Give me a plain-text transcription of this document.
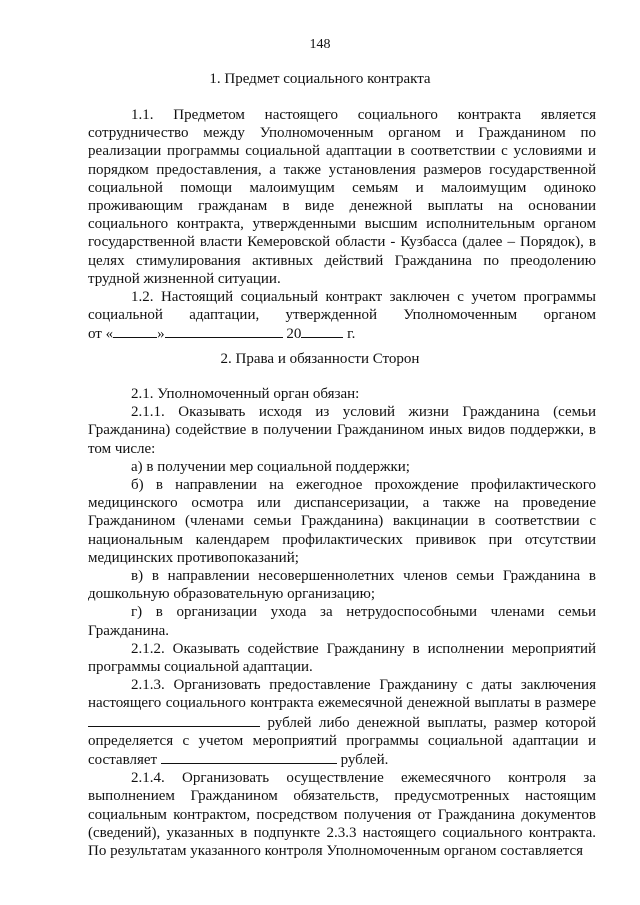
148
1. Предмет социального контракта

1.1. Предметом настоящего социального контракта является сотрудничество между Уполномоченным органом и Гражданином по реализации программы социальной адаптации в соответствии с условиями и порядком предоставления, а также установления размеров государственной социальной помощи малоимущим семьям и малоимущим одиноко проживающим гражданам в виде денежной выплаты на основании социального контракта, утвержденными высшим исполнительным органом государственной власти Кемеровской области - Кузбасса (далее – Порядок), в целях стимулирования активных действий Гражданина по преодолению трудной жизненной ситуации.

1.2. Настоящий социальный контракт заключен с учетом программы социальной адаптации, утвержденной Уполномоченным органом

от «	»	20	г.

2. Права и обязанности Сторон

2.1. Уполномоченный орган обязан:

2.1.1. Оказывать исходя из условий жизни Гражданина (семьи Гражданина) содействие в получении Гражданином иных видов поддержки, в том числе:

а) в получении мер социальной поддержки;

б) в направлении на ежегодное прохождение профилактического медицинского осмотра или диспансеризации, а также на проведение Гражданином (членами семьи Гражданина) вакцинации в соответствии с национальным календарем профилактических прививок при отсутствии медицинских противопоказаний;

в) в направлении несовершеннолетних членов семьи Гражданина в дошкольную образовательную организацию;

г) в организации ухода за нетрудоспособными членами семьи Гражданина.

2.1.2. Оказывать содействие Гражданину в исполнении мероприятий программы социальной адаптации.

2.1.3. Организовать предоставление Гражданину с даты заключения настоящего социального контракта ежемесячной денежной выплаты в размере  рублей либо денежной выплаты, размер которой определяется с учетом мероприятий программы социальной адаптации и составляет	рублей.

2.1.4. Организовать осуществление ежемесячного контроля за выполнением Гражданином обязательств, предусмотренных настоящим социальным контрактом, посредством получения от Гражданина документов (сведений), указанных в подпункте 2.3.3 настоящего социального контракта. По результатам указанного контроля Уполномоченным органом составляется
